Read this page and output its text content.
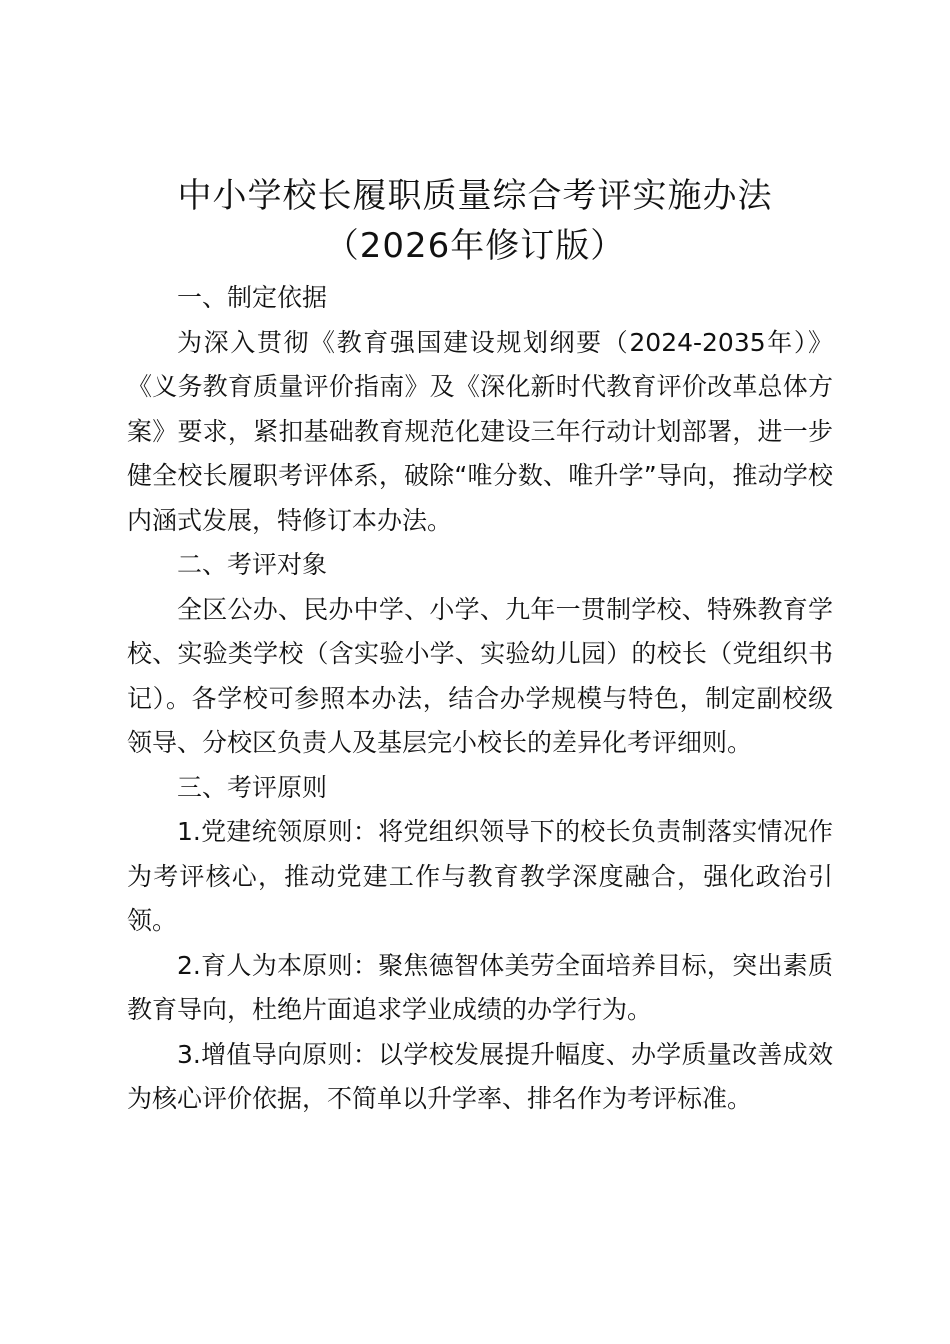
中小学校长履职质量综合考评实施办法
（2026年修订版）

一、制定依据

为深入贯彻《教育强国建设规划纲要（2024-2035年）》《义务教育质量评价指南》及《深化新时代教育评价改革总体方案》要求，紧扣基础教育规范化建设三年行动计划部署，进一步健全校长履职考评体系，破除“唯分数、唯升学”导向，推动学校内涵式发展，特修订本办法。

二、考评对象

全区公办、民办中学、小学、九年一贯制学校、特殊教育学校、实验类学校（含实验小学、实验幼儿园）的校长（党组织书记）。各学校可参照本办法，结合办学规模与特色，制定副校级领导、分校区负责人及基层完小校长的差异化考评细则。

三、考评原则

1.党建统领原则：将党组织领导下的校长负责制落实情况作为考评核心，推动党建工作与教育教学深度融合，强化政治引领。

2.育人为本原则：聚焦德智体美劳全面培养目标，突出素质教育导向，杜绝片面追求学业成绩的办学行为。

3.增值导向原则：以学校发展提升幅度、办学质量改善成效为核心评价依据，不简单以升学率、排名作为考评标准。
